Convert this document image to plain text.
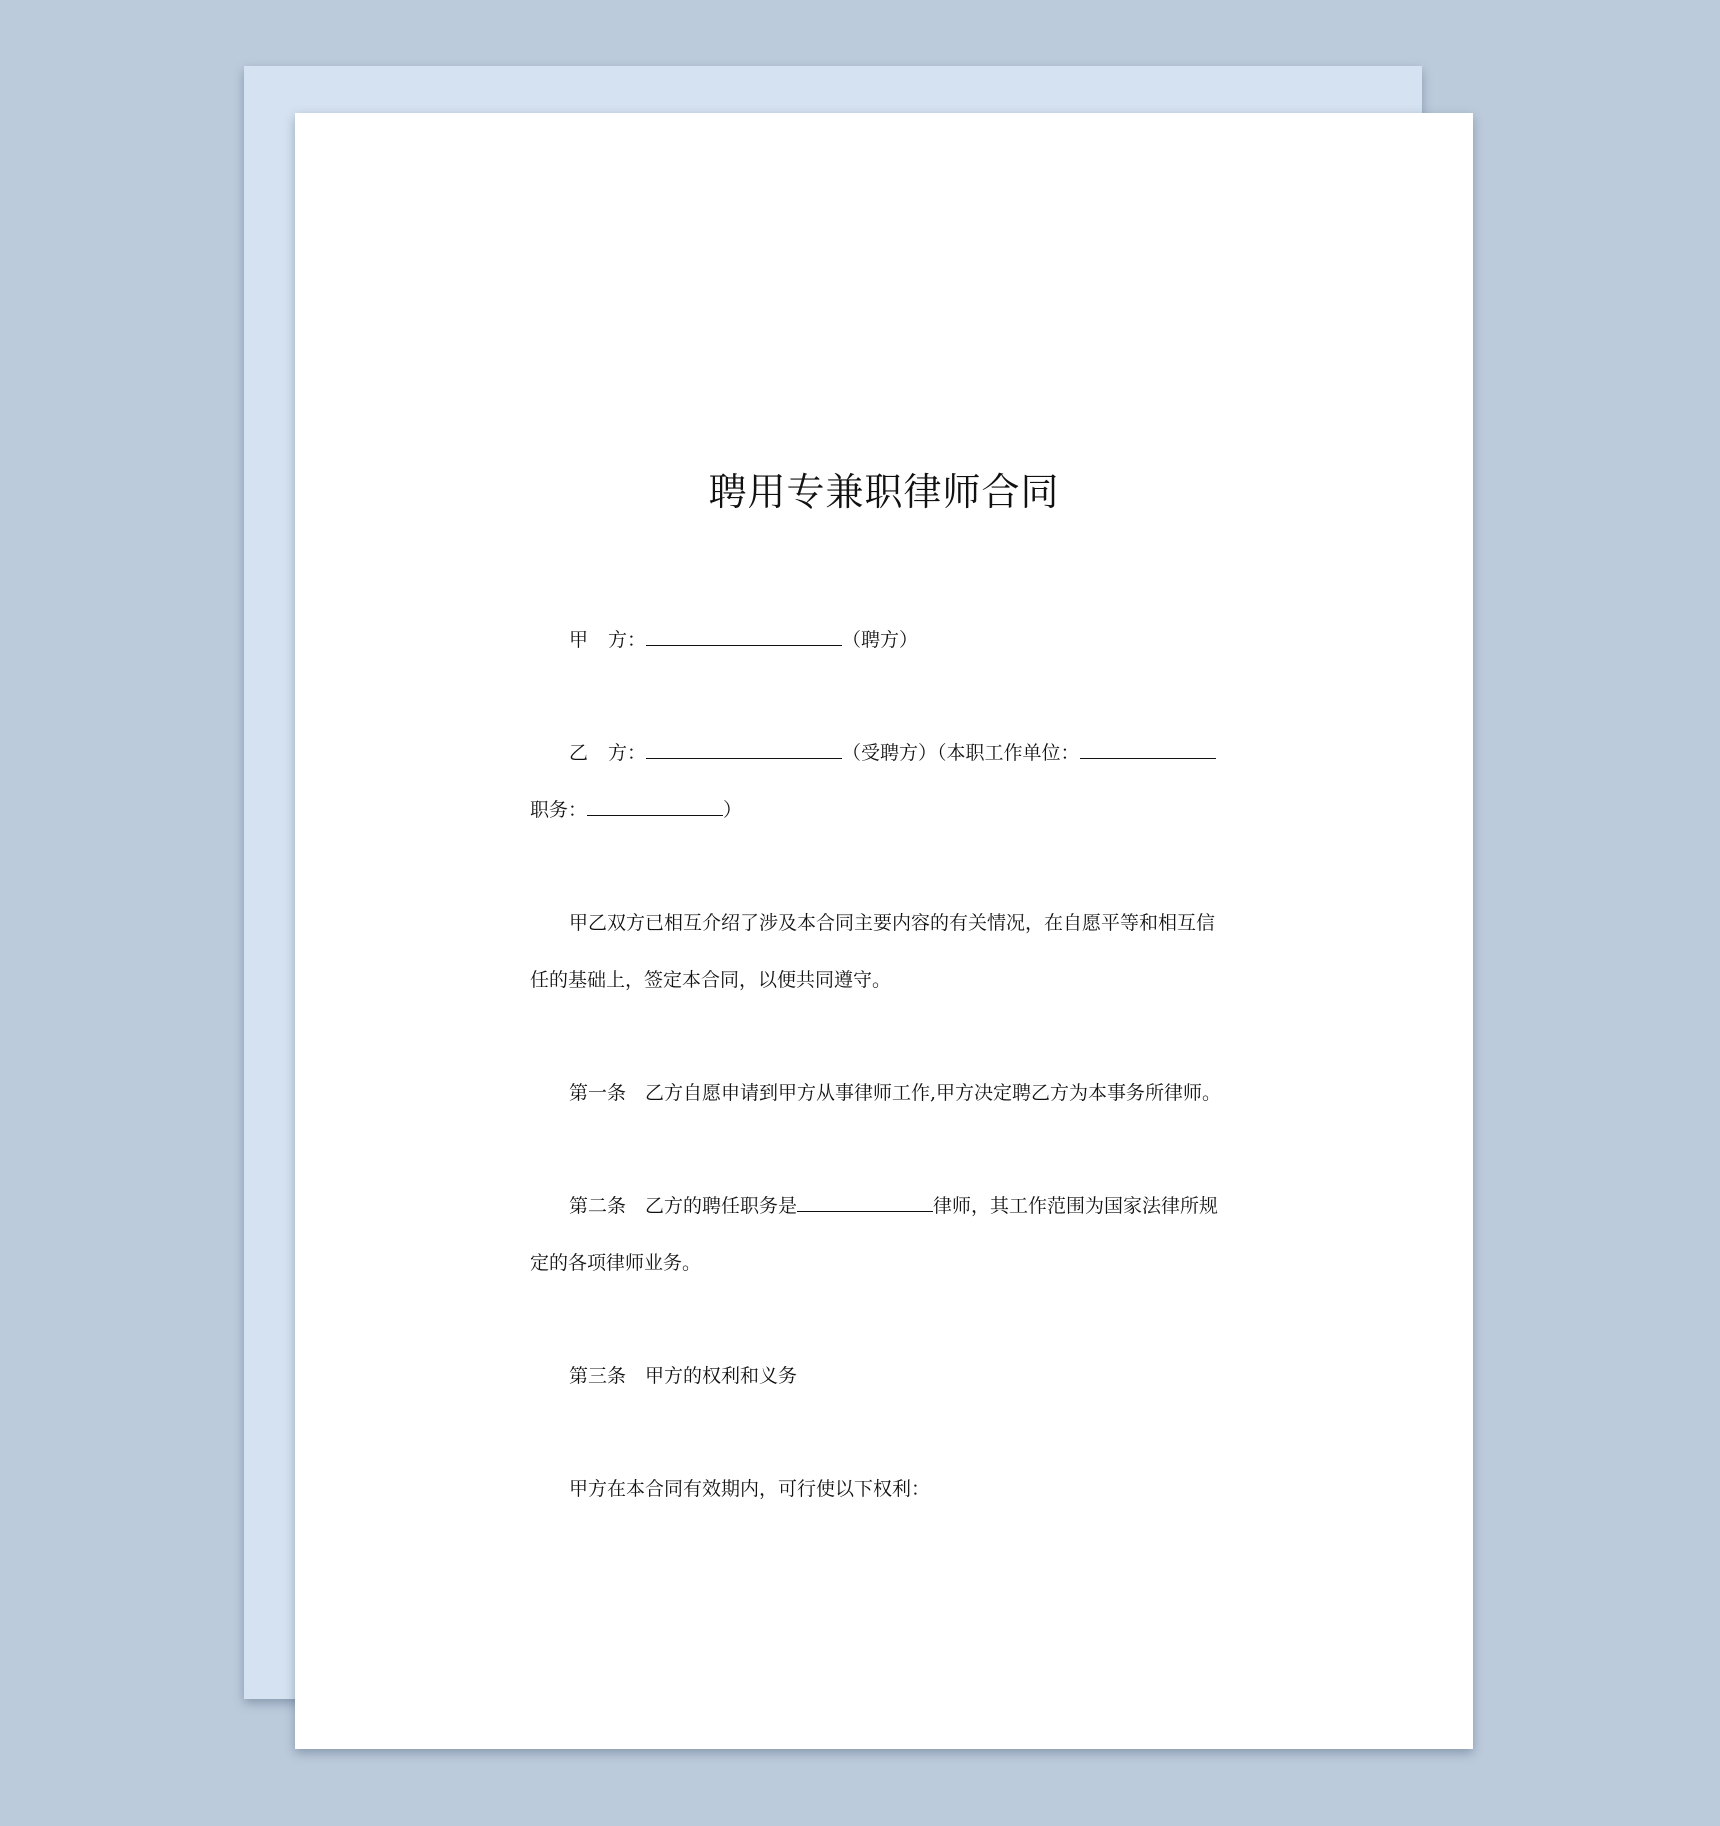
聘用专兼职律师合同
甲 方：	（聘方）
乙 方：	（受聘方）（本职工作单位：
职务：	）
甲乙双方已相互介绍了涉及本合同主要内容的有关情况，在自愿平等和相互信
任的基础上，签定本合同，以便共同遵守。
第一条 乙方自愿申请到甲方从事律师工作,甲方决定聘乙方为本事务所律师。
第二条 乙方的聘任职务是	律师，其工作范围为国家法律所规
定的各项律师业务。
第三条 甲方的权利和义务
甲方在本合同有效期内，可行使以下权利：
